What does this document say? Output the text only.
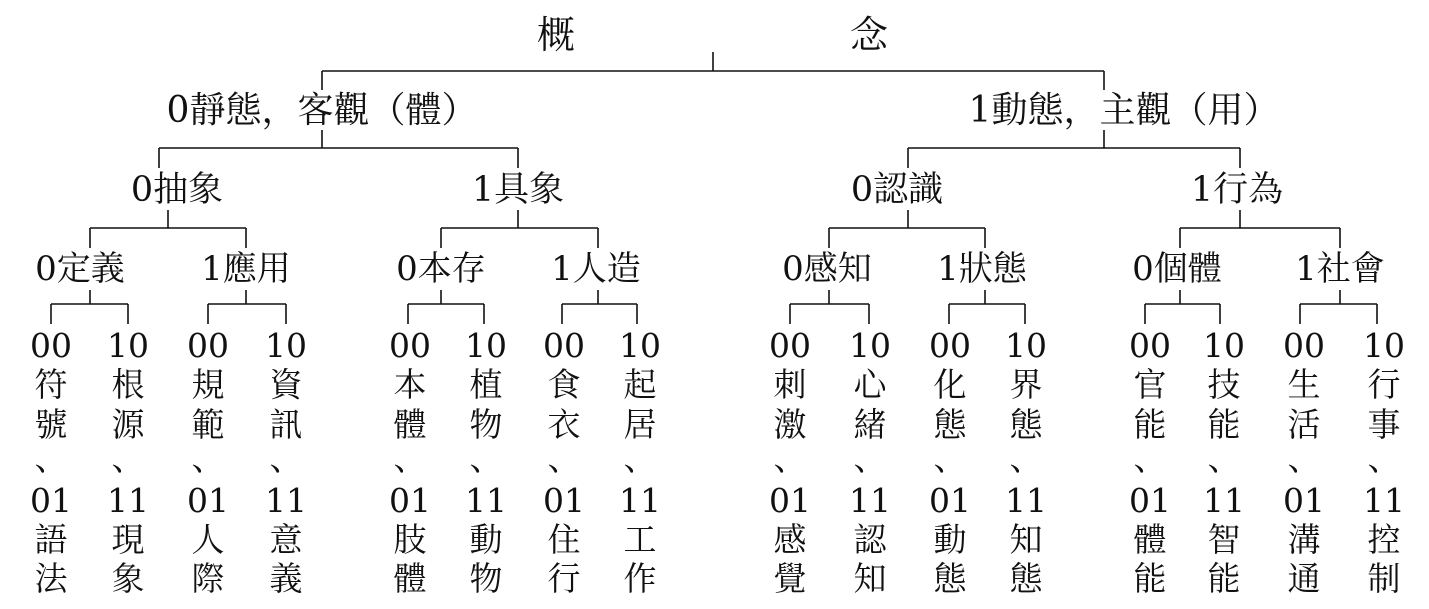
概	念
0靜態，客觀（體）	1動態，主觀（用）
0抽象	1具象	0認識	1行為
0定義 1應用	0本存 1人造	0感知 1狀態	0個體 1社會
00
符
號
、
01
語
法
10
根
源
、
11
現
象
00
規
範
、
01
人
際
10
資
訊
、
11
意
義
00
本
體
、
01
肢
體
10
植
物
、
11
動
物
00
食
衣
、
01
住
行
10
起
居
、
11
工
作
00
刺
激
、
01
感
覺
10
心
緒
、
11
認
知
00
化
態
、
01
動
態
10
界
態
、
11
知
態
00
官
能
、
01
體
能
10
技
能
、
11
智
能
00
生
活
、
01
溝
通
10
行
事
、
11
控
制
